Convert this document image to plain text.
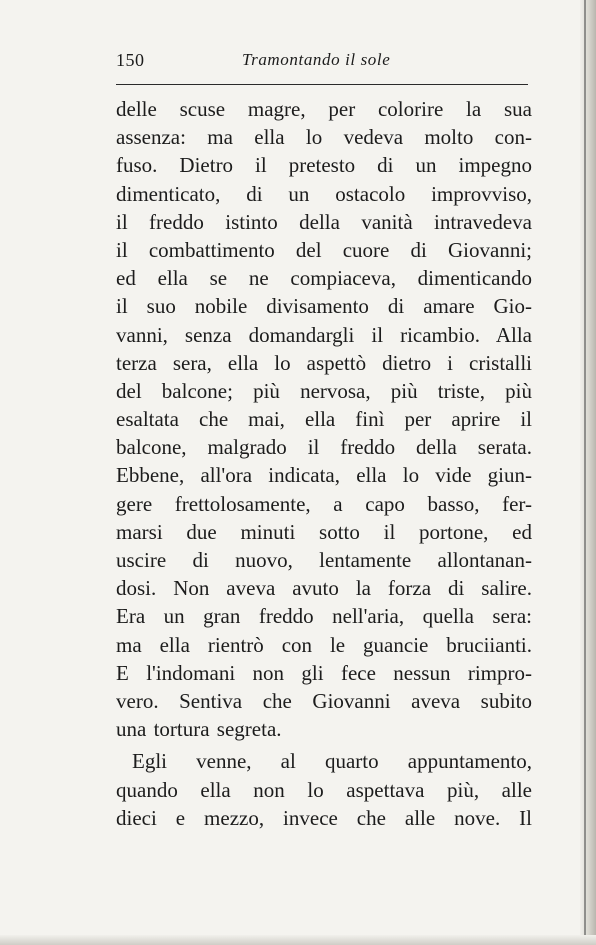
150	Tramontando il sole
delle scuse magre, per colorire la sua
assenza: ma ella lo vedeva molto con-
fuso. Dietro il pretesto di un impegno
dimenticato, di un ostacolo improvviso,
il freddo istinto della vanità intravedeva
il combattimento del cuore di Giovanni;
ed ella se ne compiaceva, dimenticando
il suo nobile divisamento di amare Gio-
vanni, senza domandargli il ricambio. Alla
terza sera, ella lo aspettò dietro i cristalli
del balcone; più nervosa, più triste, più
esaltata che mai, ella finì per aprire il
balcone, malgrado il freddo della serata.
Ebbene, all'ora indicata, ella lo vide giun-
gere frettolosamente, a capo basso, fer-
marsi due minuti sotto il portone, ed
uscire di nuovo, lentamente allontanan-
dosi. Non aveva avuto la forza di salire.
Era un gran freddo nell'aria, quella sera:
ma ella rientrò con le guancie bruciianti.
E l'indomani non gli fece nessun rimpro-
vero. Sentiva che Giovanni aveva subito
una tortura segreta.
Egli venne, al quarto appuntamento,
quando ella non lo aspettava più, alle
dieci e mezzo, invece che alle nove. Il
